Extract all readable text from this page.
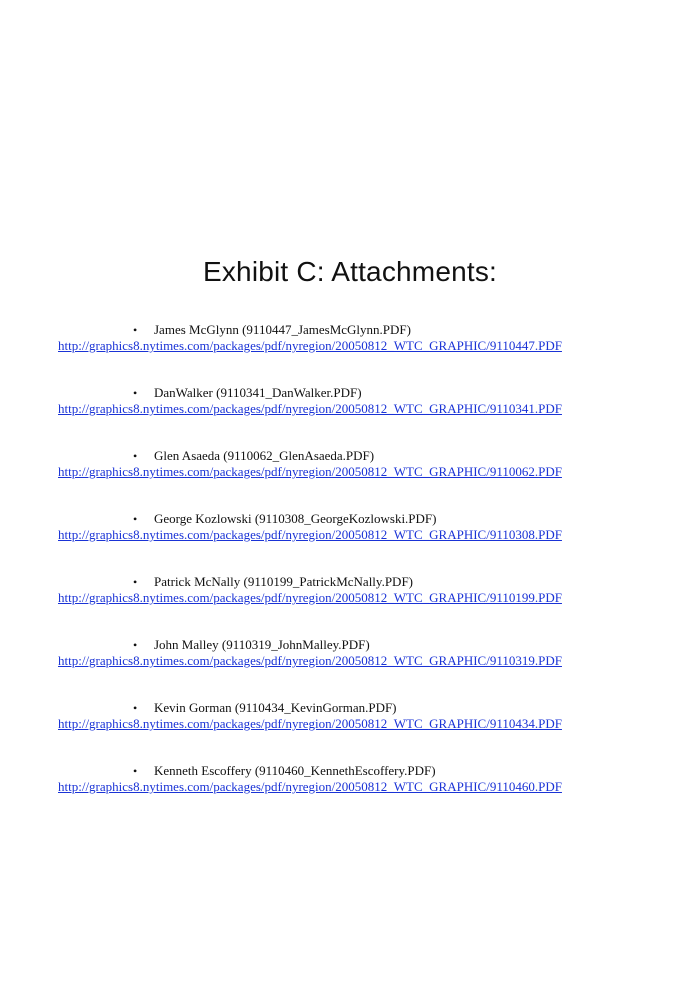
Exhibit C: Attachments:
• James McGlynn (9110447_JamesMcGlynn.PDF)
http://graphics8.nytimes.com/packages/pdf/nyregion/20050812_WTC_GRAPHIC/9110447.PDF
• DanWalker (9110341_DanWalker.PDF)
http://graphics8.nytimes.com/packages/pdf/nyregion/20050812_WTC_GRAPHIC/9110341.PDF
• Glen Asaeda (9110062_GlenAsaeda.PDF)
http://graphics8.nytimes.com/packages/pdf/nyregion/20050812_WTC_GRAPHIC/9110062.PDF
• George Kozlowski (9110308_GeorgeKozlowski.PDF)
http://graphics8.nytimes.com/packages/pdf/nyregion/20050812_WTC_GRAPHIC/9110308.PDF
• Patrick McNally (9110199_PatrickMcNally.PDF)
http://graphics8.nytimes.com/packages/pdf/nyregion/20050812_WTC_GRAPHIC/9110199.PDF
• John Malley (9110319_JohnMalley.PDF)
http://graphics8.nytimes.com/packages/pdf/nyregion/20050812_WTC_GRAPHIC/9110319.PDF
• Kevin Gorman (9110434_KevinGorman.PDF)
http://graphics8.nytimes.com/packages/pdf/nyregion/20050812_WTC_GRAPHIC/9110434.PDF
• Kenneth Escoffery (9110460_KennethEscoffery.PDF)
http://graphics8.nytimes.com/packages/pdf/nyregion/20050812_WTC_GRAPHIC/9110460.PDF
